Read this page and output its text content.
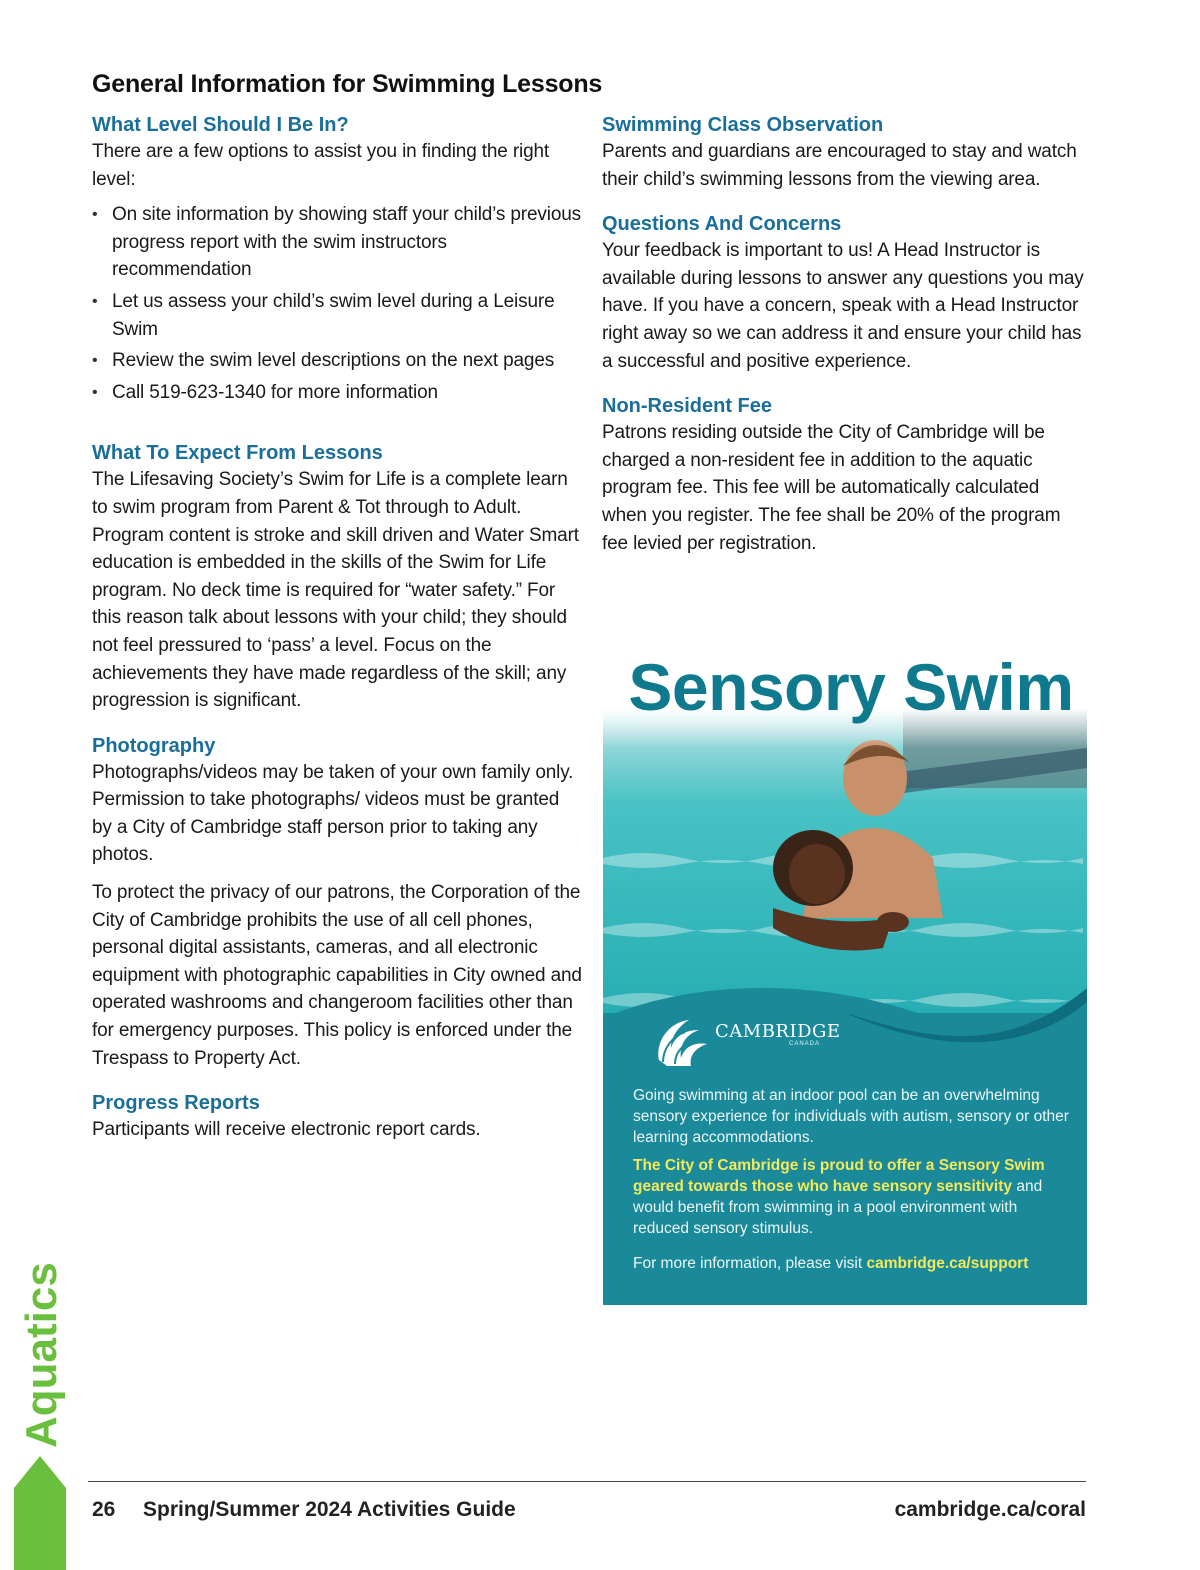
General Information for Swimming Lessons
What Level Should I Be In?

There are a few options to assist you in finding the right level:

• On site information by showing staff your child’s previous progress report with the swim instructors recommendation
• Let us assess your child’s swim level during a Leisure Swim
• Review the swim level descriptions on the next pages
• Call 519-623-1340 for more information
What To Expect From Lessons

The Lifesaving Society’s Swim for Life is a complete learn to swim program from Parent & Tot through to Adult. Program content is stroke and skill driven and Water Smart education is embedded in the skills of the Swim for Life program. No deck time is required for “water safety.” For this reason talk about lessons with your child; they should not feel pressured to ‘pass’ a level. Focus on the achievements they have made regardless of the skill; any progression is significant.

Photography

Photographs/videos may be taken of your own family only. Permission to take photographs/ videos must be granted by a City of Cambridge staff person prior to taking any photos.

To protect the privacy of our patrons, the Corporation of the City of Cambridge prohibits the use of all cell phones, personal digital assistants, cameras, and all electronic equipment with photographic capabilities in City owned and operated washrooms and changeroom facilities other than for emergency purposes. This policy is enforced under the Trespass to Property Act.

Progress Reports

Participants will receive electronic report cards.

Swimming Class Observation

Parents and guardians are encouraged to stay and watch their child’s swimming lessons from the viewing area.

Questions And Concerns

Your feedback is important to us! A Head Instructor is available during lessons to answer any questions you may have. If you have a concern, speak with a Head Instructor right away so we can address it and ensure your child has a successful and positive experience.

Non-Resident Fee

Patrons residing outside the City of Cambridge will be charged a non-resident fee in addition to the aquatic program fee. This fee will be automatically calculated when you register. The fee shall be 20% of the program fee levied per registration.

Sensory Swim
CAMBRIDGE
CANADA

Going swimming at an indoor pool can be an overwhelming sensory experience for individuals with autism, sensory or other learning accommodations.

The City of Cambridge is proud to offer a Sensory Swim geared towards those who have sensory sensitivity and would benefit from swimming in a pool environment with reduced sensory stimulus.

For more information, please visit cambridge.ca/support

Aquatics
26 Spring/Summer 2024 Activities Guide	cambridge.ca/coral
